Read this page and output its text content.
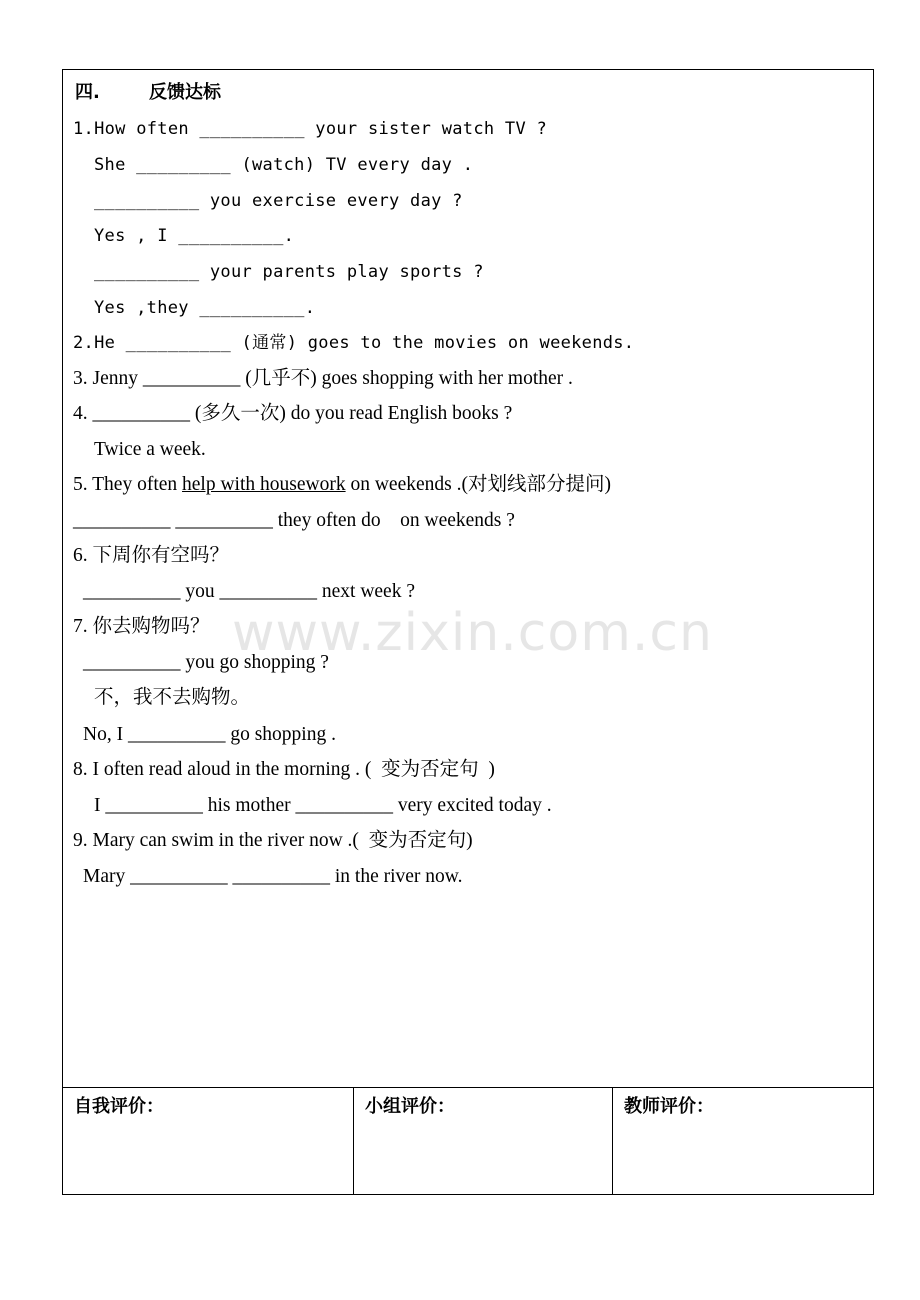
四.	反馈达标
1.How often __________ your sister watch TV ?
She _________ (watch) TV every day .
__________ you exercise every day ?
Yes , I __________.
__________ your parents play sports ?
Yes ,they __________.
2.He __________ (通常) goes to the movies on weekends.
3. Jenny __________ (几乎不) goes shopping with her mother .
4. __________ (多久一次) do you read English books ?
Twice a week.
5. They often help with housework on weekends .(对划线部分提问)
__________ __________ they often do    on weekends ?
6. 下周你有空吗？
__________ you __________ next week ?
7. 你去购物吗？
__________ you go shopping ?
不，我不去购物。
No, I __________ go shopping .
8. I often read aloud in the morning . (  变为否定句  )
I __________ his mother __________ very excited today .
9. Mary can swim in the river now .(  变为否定句)
Mary __________ __________ in the river now.
自我评价：	小组评价：	教师评价：
www.zixin.com.cn
